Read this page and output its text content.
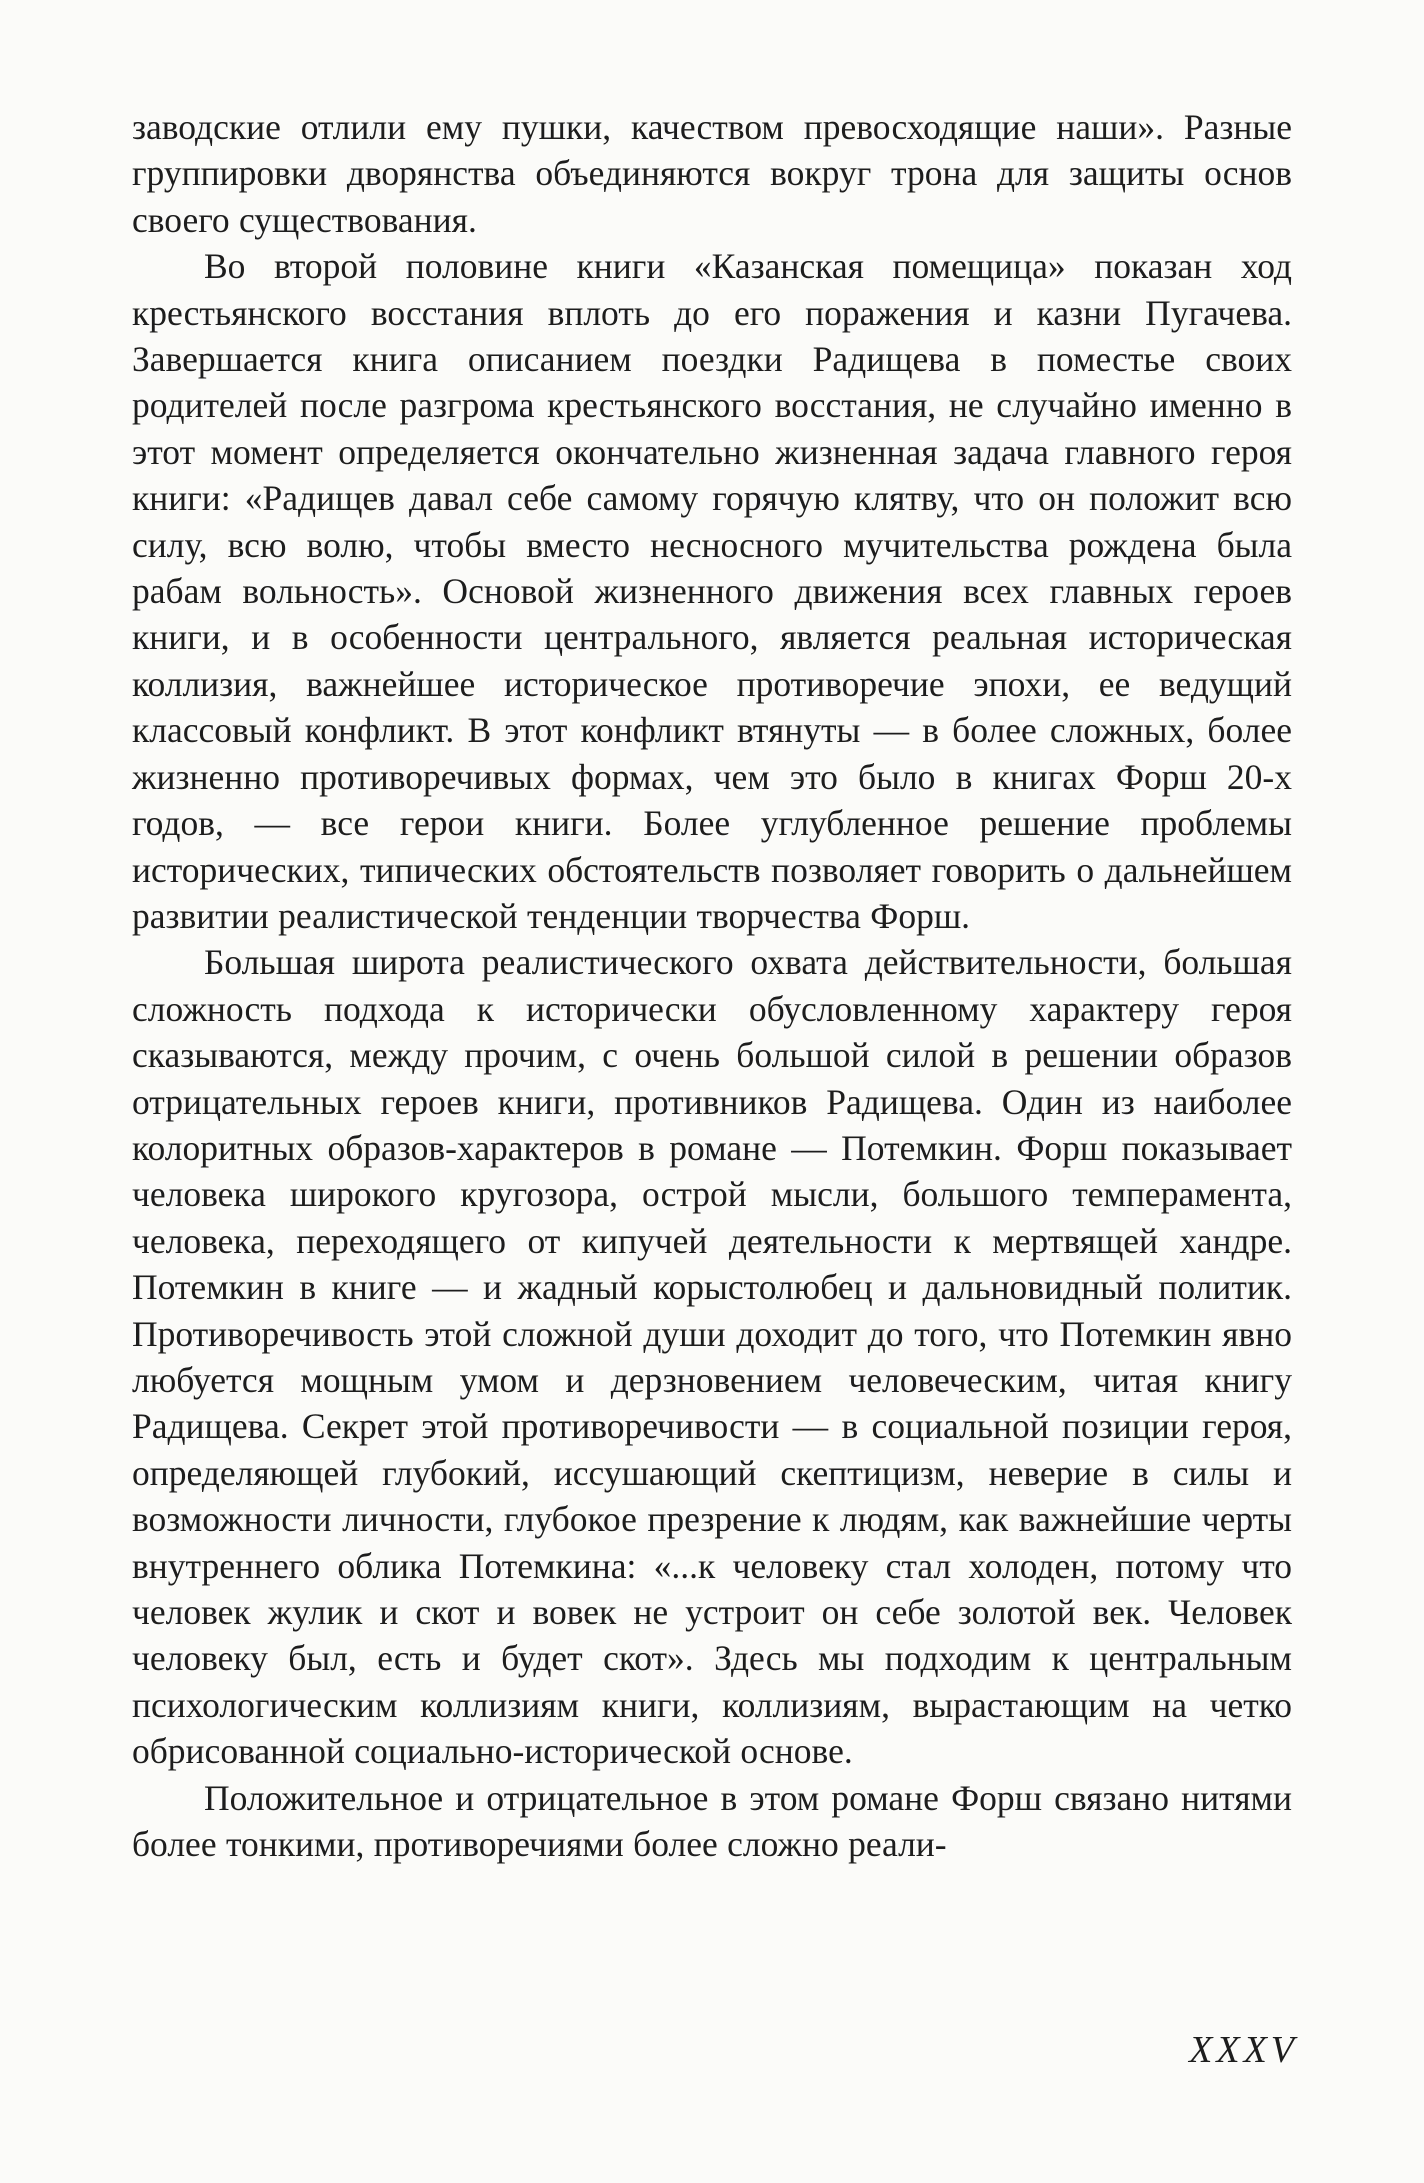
заводские отлили ему пушки, качеством превосходящие наши». Разные группировки дворянства объединяются вокруг трона для защиты основ своего существования.

Во второй половине книги «Казанская помещица» показан ход крестьянского восстания вплоть до его поражения и казни Пугачева. Завершается книга описанием поездки Радищева в поместье своих родителей после разгрома крестьянского восстания, не случайно именно в этот момент определяется окончательно жизненная задача главного героя книги: «Радищев давал себе самому горячую клятву, что он положит всю силу, всю волю, чтобы вместо несносного мучительства рождена была рабам вольность». Основой жизненного движения всех главных героев книги, и в особенности центрального, является реальная историческая коллизия, важнейшее историческое противоречие эпохи, ее ведущий классовый конфликт. В этот конфликт втянуты — в более сложных, более жизненно противоречивых формах, чем это было в книгах Форш 20-х годов, — все герои книги. Более углубленное решение проблемы исторических, типических обстоятельств позволяет говорить о дальнейшем развитии реалистической тенденции творчества Форш.

Большая широта реалистического охвата действительности, большая сложность подхода к исторически обусловленному характеру героя сказываются, между прочим, с очень большой силой в решении образов отрицательных героев книги, противников Радищева. Один из наиболее колоритных образов-характеров в романе — Потемкин. Форш показывает человека широкого кругозора, острой мысли, большого темперамента, человека, переходящего от кипучей деятельности к мертвящей хандре. Потемкин в книге — и жадный корыстолюбец и дальновидный политик. Противоречивость этой сложной души доходит до того, что Потемкин явно любуется мощным умом и дерзновением человеческим, читая книгу Радищева. Секрет этой противоречивости — в социальной позиции героя, определяющей глубокий, иссушающий скептицизм, неверие в силы и возможности личности, глубокое презрение к людям, как важнейшие черты внутреннего облика Потемкина: «...к человеку стал холоден, потому что человек жулик и скот и вовек не устроит он себе золотой век. Человек человеку был, есть и будет скот». Здесь мы подходим к центральным психологическим коллизиям книги, коллизиям, вырастающим на четко обрисованной социально-исторической основе.

Положительное и отрицательное в этом романе Форш связано нитями более тонкими, противоречиями более сложно реали-

XXXV
